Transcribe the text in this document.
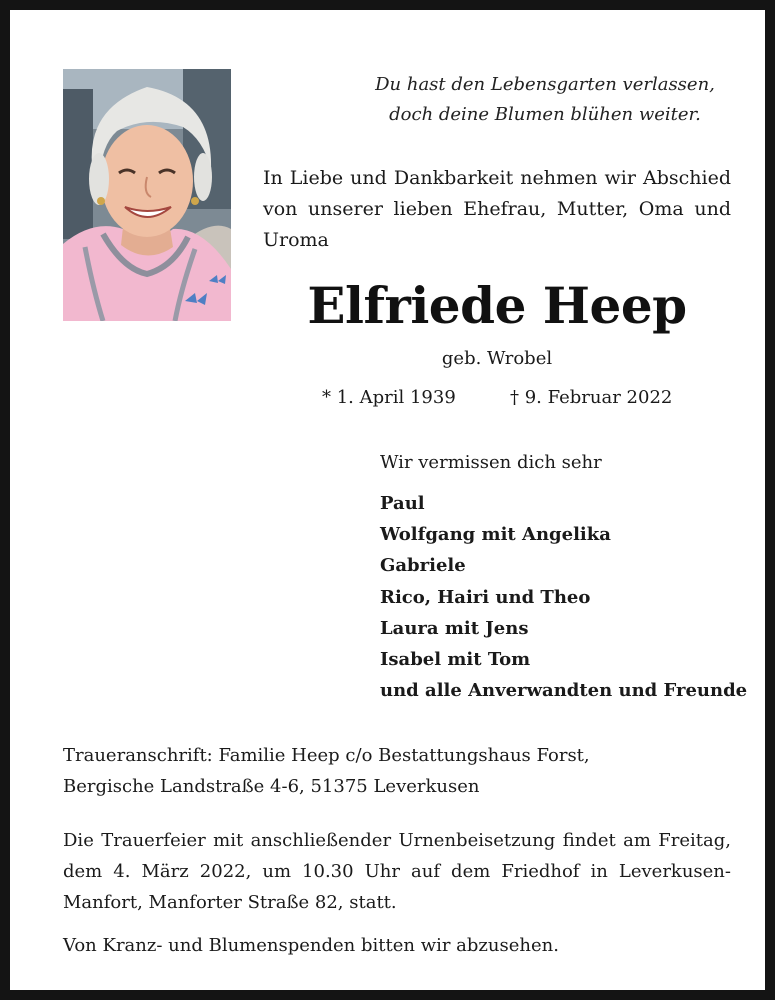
Du hast den Lebensgarten verlassen,
doch deine Blumen blühen weiter.
In Liebe und Dankbarkeit nehmen wir Abschied von unserer lieben Ehefrau, Mutter, Oma und Uroma
Elfriede Heep
geb. Wrobel
* 1. April 1939	† 9. Februar 2022
Wir vermissen dich sehr
Paul
Wolfgang mit Angelika
Gabriele
Rico, Hairi und Theo
Laura mit Jens
Isabel mit Tom
und alle Anverwandten und Freunde
Traueranschrift: Familie Heep c/o Bestattungshaus Forst,
Bergische Landstraße 4-6, 51375 Leverkusen
Die Trauerfeier mit anschließender Urnenbeisetzung findet am Freitag, dem 4. März 2022, um 10.30 Uhr auf dem Friedhof in Leverkusen-Manfort, Manforter Straße 82, statt.
Von Kranz- und Blumenspenden bitten wir abzusehen.
